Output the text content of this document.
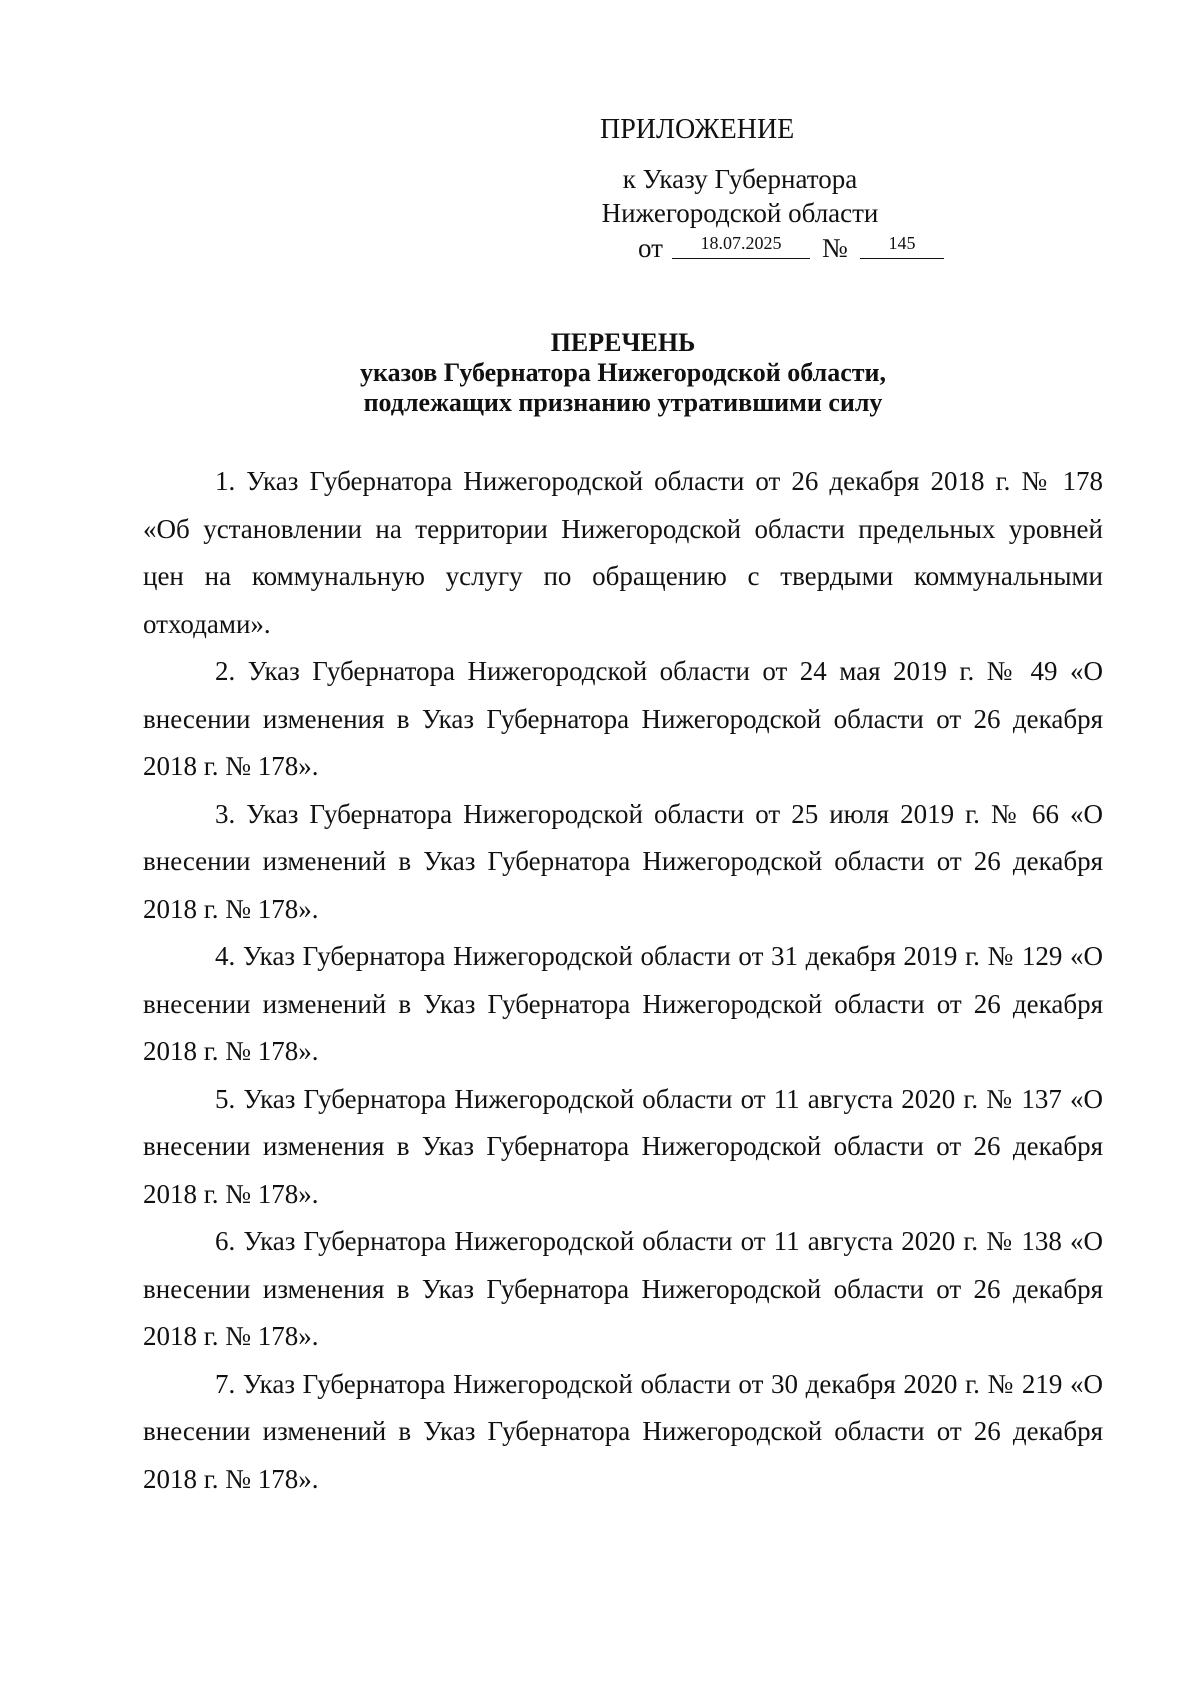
ПРИЛОЖЕНИЕ
к Указу Губернатора
Нижегородской области
от	18.07.2025	№	145
ПЕРЕЧЕНЬ
указов Губернатора Нижегородской области,
подлежащих признанию утратившими силу

1. Указ Губернатора Нижегородской области от 26 декабря 2018 г. № 178 «Об установлении на территории Нижегородской области предельных уровней цен на коммунальную услугу по обращению с твердыми коммунальными отходами».

2. Указ Губернатора Нижегородской области от 24 мая 2019 г. № 49 «О внесении изменения в Указ Губернатора Нижегородской области от 26 декабря 2018 г. № 178».

3. Указ Губернатора Нижегородской области от 25 июля 2019 г. № 66 «О внесении изменений в Указ Губернатора Нижегородской области от 26 декабря 2018 г. № 178».

4. Указ Губернатора Нижегородской области от 31 декабря 2019 г. № 129 «О внесении изменений в Указ Губернатора Нижегородской области от 26 декабря 2018 г. № 178».

5. Указ Губернатора Нижегородской области от 11 августа 2020 г. № 137 «О внесении изменения в Указ Губернатора Нижегородской области от 26 декабря 2018 г. № 178».

6. Указ Губернатора Нижегородской области от 11 августа 2020 г. № 138 «О внесении изменения в Указ Губернатора Нижегородской области от 26 декабря 2018 г. № 178».

7. Указ Губернатора Нижегородской области от 30 декабря 2020 г. № 219 «О внесении изменений в Указ Губернатора Нижегородской области от 26 декабря 2018 г. № 178».
